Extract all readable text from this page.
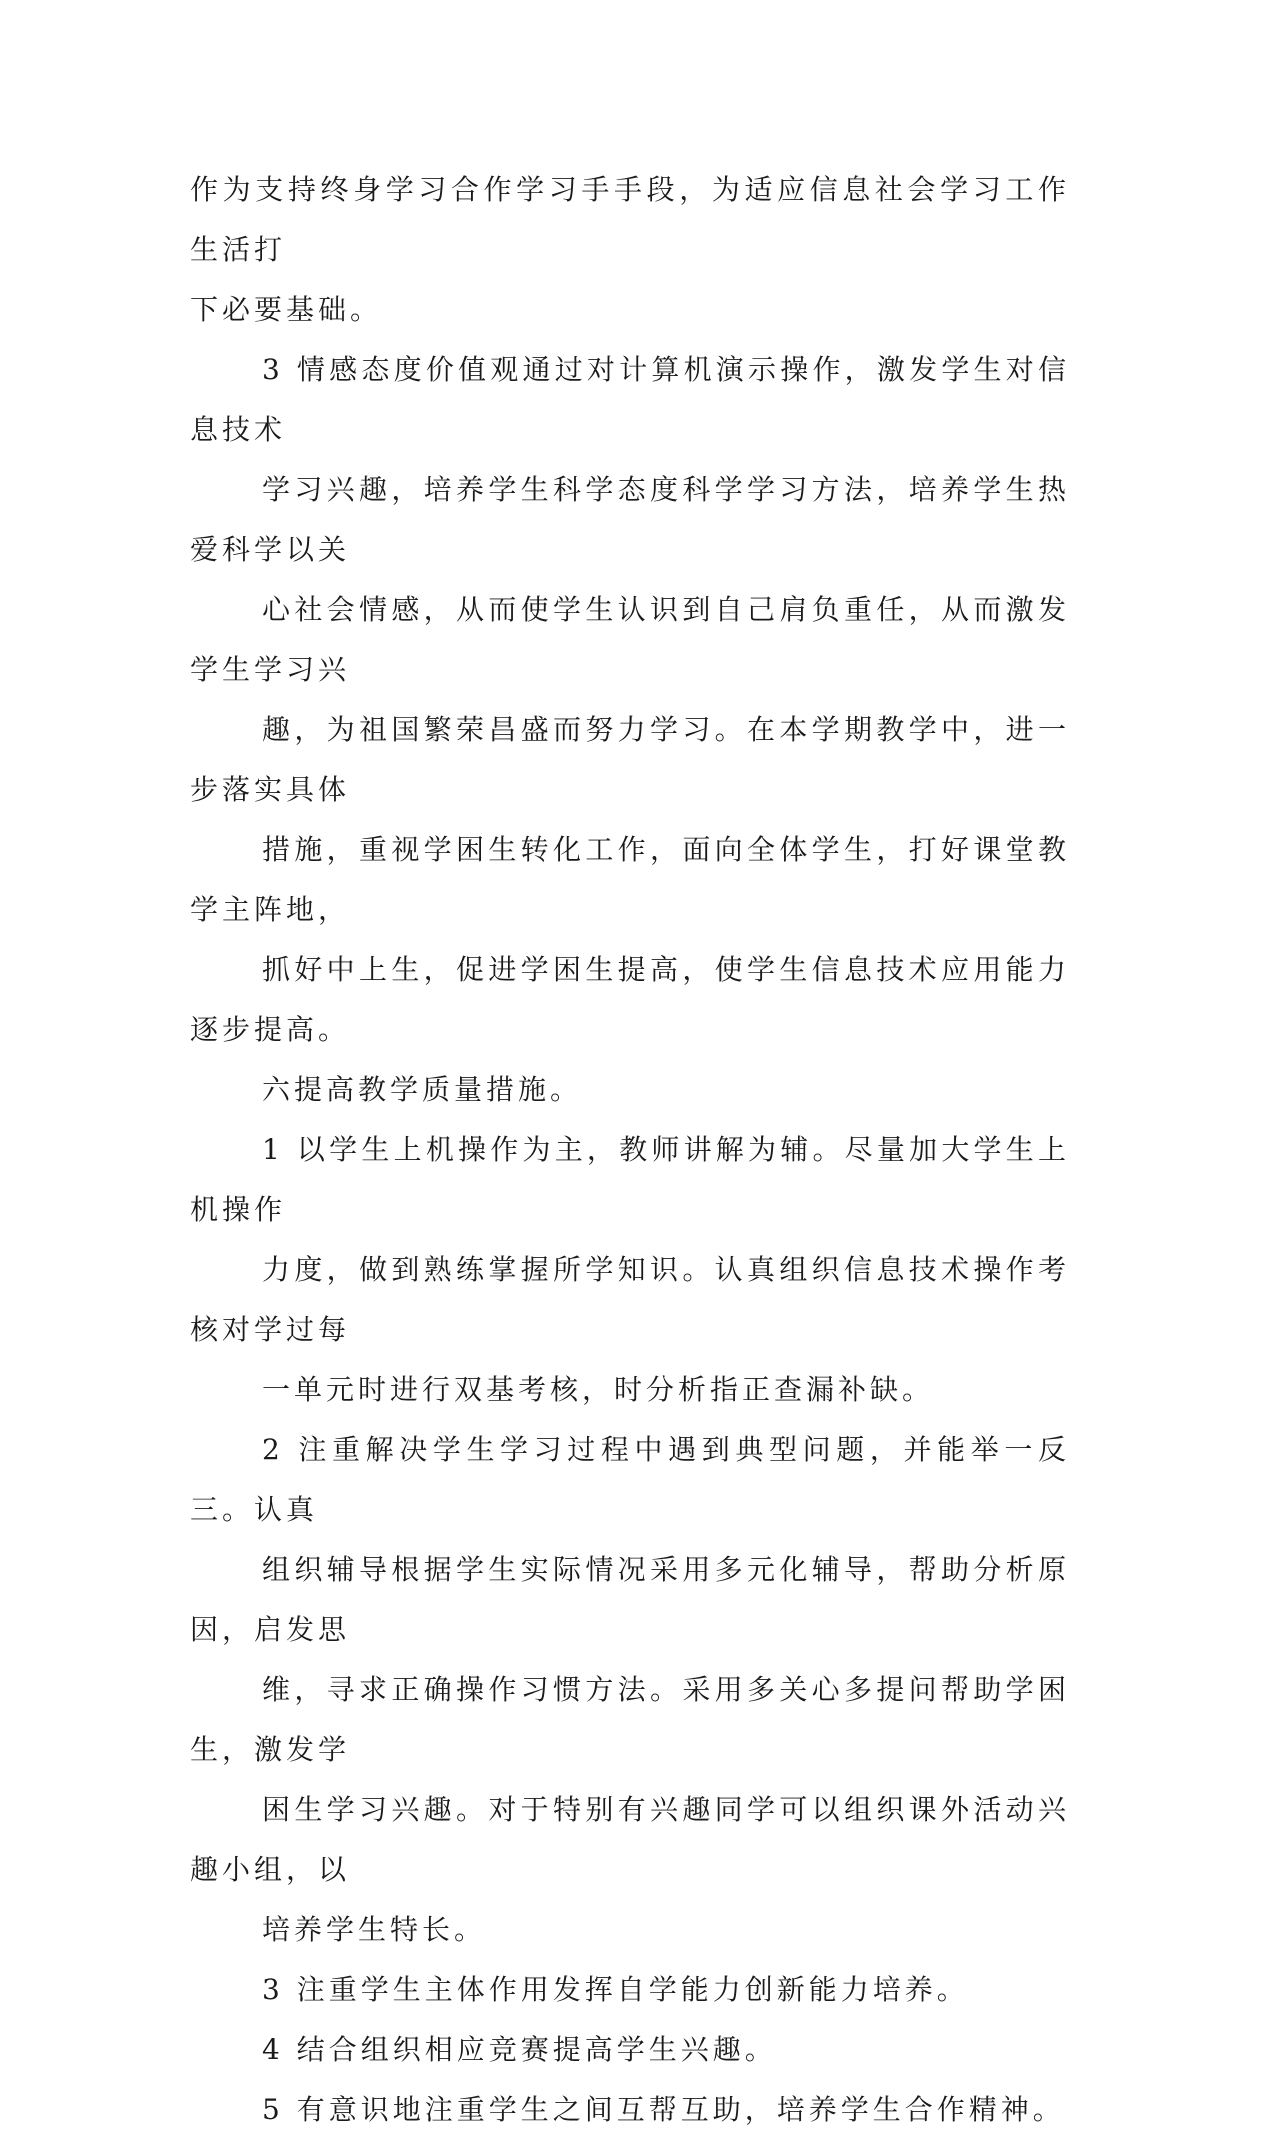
作为支持终身学习合作学习手手段，为适应信息社会学习工作生活打
下必要基础。

3 情感态度价值观通过对计算机演示操作，激发学生对信息技术
学习兴趣，培养学生科学态度科学学习方法，培养学生热爱科学以关
心社会情感，从而使学生认识到自己肩负重任，从而激发学生学习兴
趣，为祖国繁荣昌盛而努力学习。在本学期教学中，进一步落实具体
措施，重视学困生转化工作，面向全体学生，打好课堂教学主阵地，
抓好中上生，促进学困生提高，使学生信息技术应用能力逐步提高。

六提高教学质量措施。

1 以学生上机操作为主，教师讲解为辅。尽量加大学生上机操作
力度，做到熟练掌握所学知识。认真组织信息技术操作考核对学过每
一单元时进行双基考核，时分析指正查漏补缺。

2 注重解决学生学习过程中遇到典型问题，并能举一反三。认真
组织辅导根据学生实际情况采用多元化辅导，帮助分析原因，启发思
维，寻求正确操作习惯方法。采用多关心多提问帮助学困生，激发学
困生学习兴趣。对于特别有兴趣同学可以组织课外活动兴趣小组，以
培养学生特长。

3 注重学生主体作用发挥自学能力创新能力培养。

4 结合组织相应竞赛提高学生兴趣。

5 有意识地注重学生之间互帮互助，培养学生合作精神。
